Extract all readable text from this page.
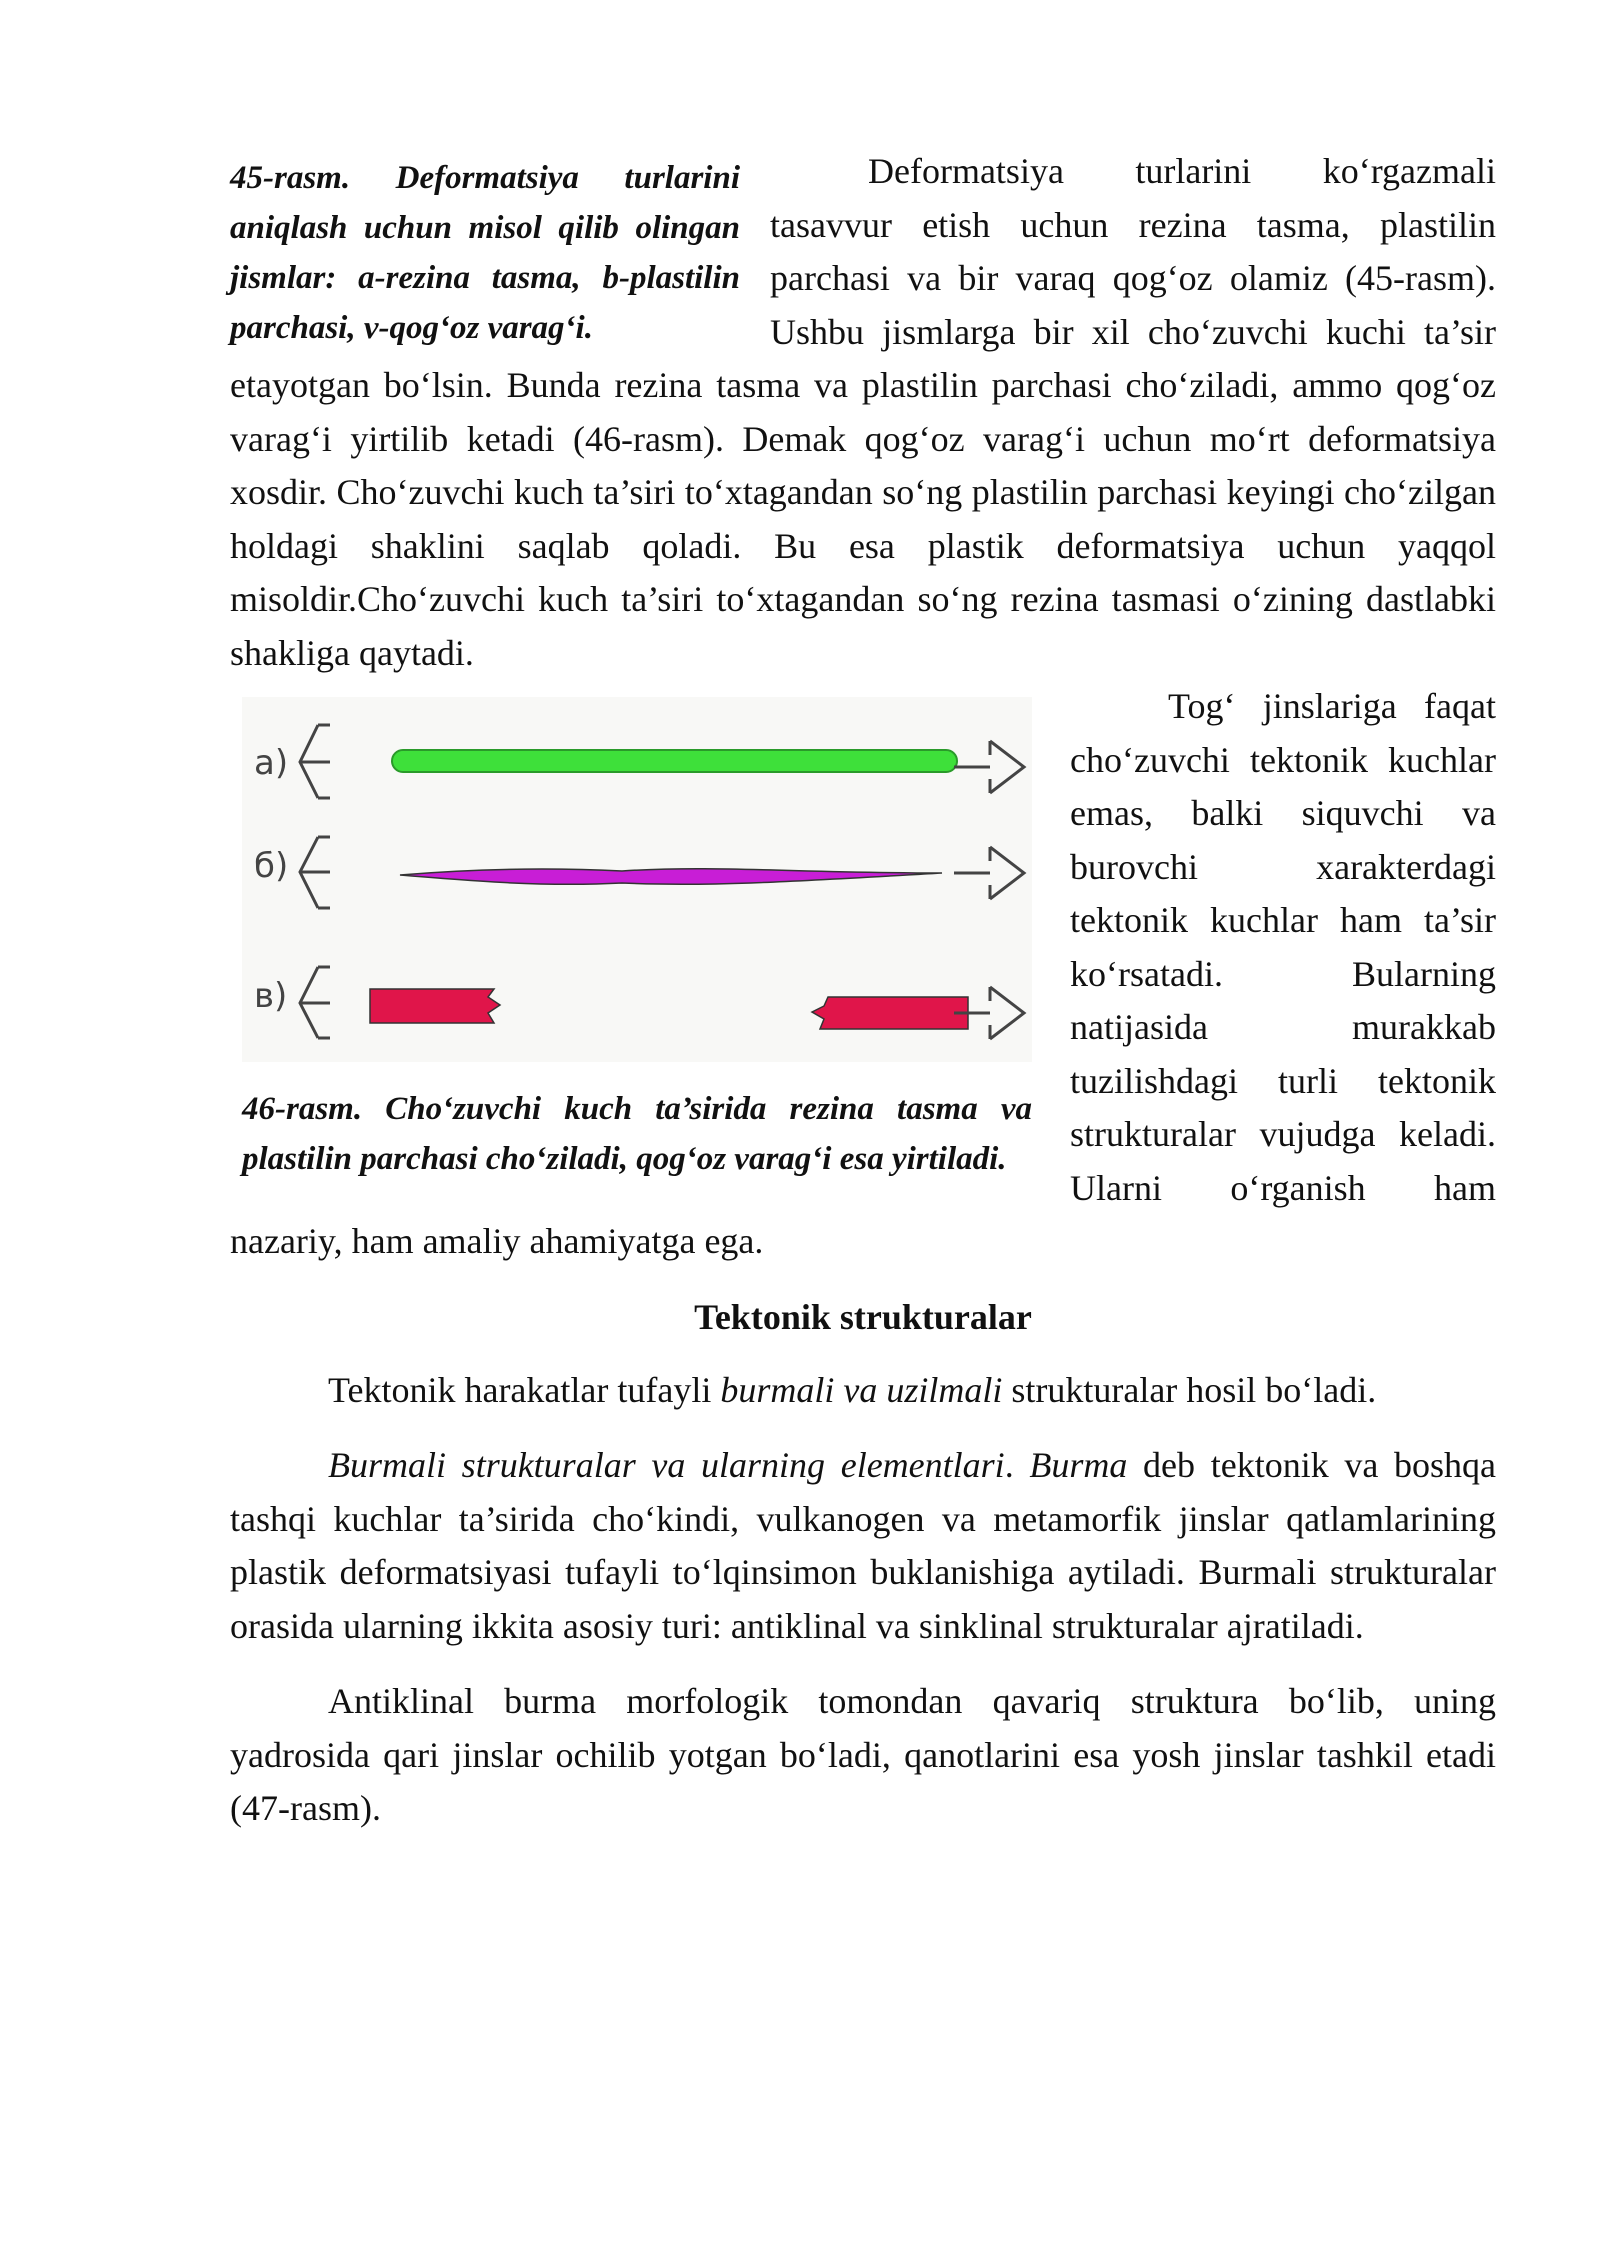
45-rasm. Deformatsiya turlarini aniqlash uchun misol qilib olingan jismlar: a-rezina tasma, b-plastilin parchasi, v-qog‘oz varag‘i.

Deformatsiya turlarini ko‘rgazmali tasavvur etish uchun rezina tasma, plastilin parchasi va bir varaq qog‘oz olamiz (45-rasm). Ushbu jismlarga bir xil cho‘zuvchi kuchi ta’sir etayotgan bo‘lsin. Bunda rezina tasma va plastilin parchasi cho‘ziladi, ammo qog‘oz varag‘i yirtilib ketadi (46-rasm). Demak qog‘oz varag‘i uchun mo‘rt deformatsiya xosdir. Cho‘zuvchi kuch ta’siri to‘xtagandan so‘ng plastilin parchasi keyingi cho‘zilgan holdagi shaklini saqlab qoladi. Bu esa plastik deformatsiya uchun yaqqol misoldir.Cho‘zuvchi kuch ta’siri to‘xtagandan so‘ng rezina tasmasi o‘zining dastlabki shakliga qaytadi.

а)
б)
в)
46-rasm. Cho‘zuvchi kuch ta’sirida rezina tasma va plastilin parchasi cho‘ziladi, qog‘oz varag‘i esa yirtiladi.

Tog‘ jinslariga faqat cho‘zuvchi tektonik kuchlar emas, balki siquvchi va burovchi xarakterdagi tektonik kuchlar ham ta’sir ko‘rsatadi. Bularning natijasida murakkab tuzilishdagi turli tektonik strukturalar vujudga keladi. Ularni o‘rganish ham nazariy, ham amaliy ahamiyatga ega.

Tektonik strukturalar

Tektonik harakatlar tufayli burmali va uzilmali strukturalar hosil bo‘ladi.

Burmali strukturalar va ularning elementlari. Burma deb tektonik va boshqa tashqi kuchlar ta’sirida cho‘kindi, vulkanogen va metamorfik jinslar qatlamlarining plastik deformatsiyasi tufayli to‘lqinsimon buklanishiga aytiladi. Burmali strukturalar orasida ularning ikkita asosiy turi: antiklinal va sinklinal strukturalar ajratiladi.

Antiklinal burma morfologik tomondan qavariq struktura bo‘lib, uning yadrosida qari jinslar ochilib yotgan bo‘ladi, qanotlarini esa yosh jinslar tashkil etadi (47-rasm).
